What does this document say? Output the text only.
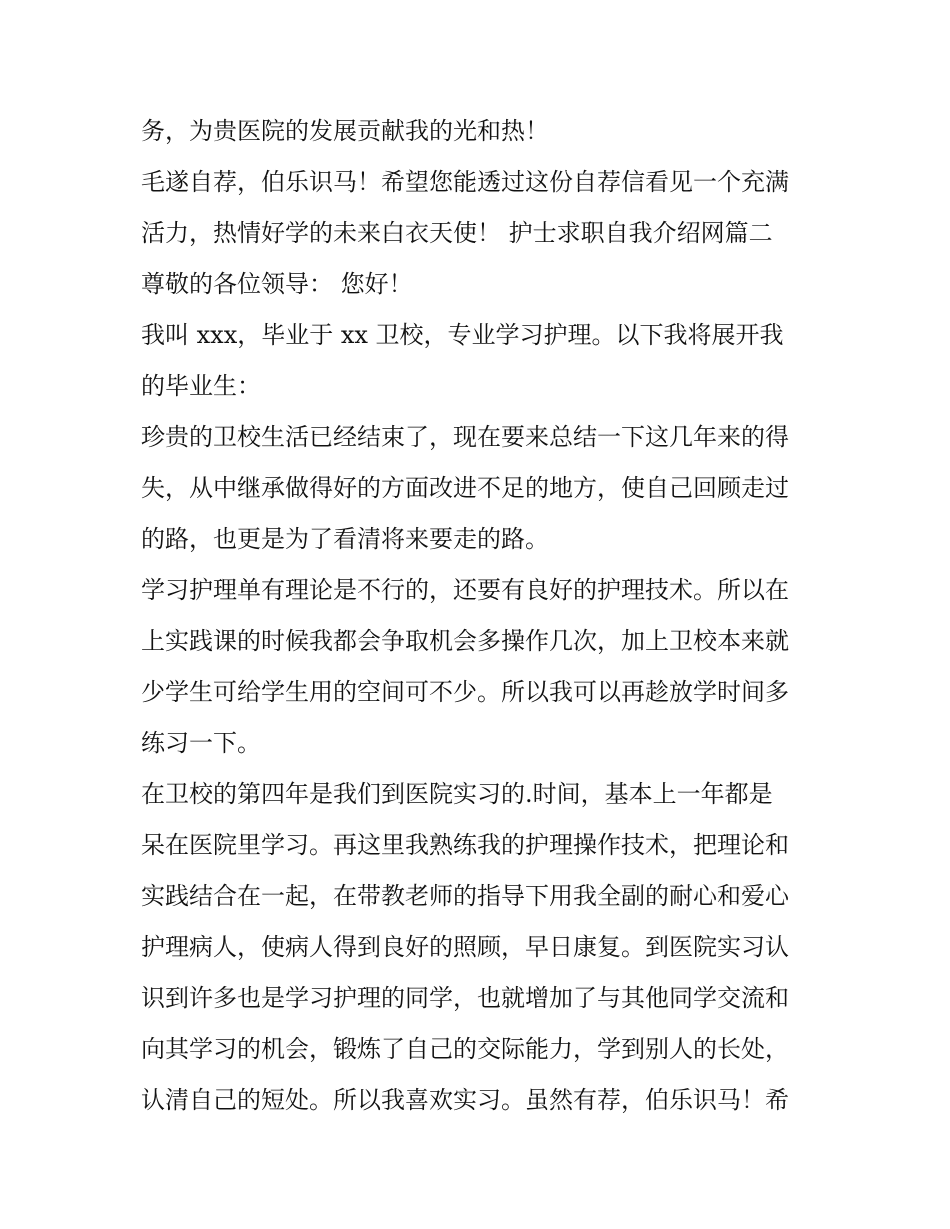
务，为贵医院的发展贡献我的光和热！
毛遂自荐，伯乐识马！希望您能透过这份自荐信看见一个充满
活力，热情好学的未来白衣天使！ 护士求职自我介绍网篇二
尊敬的各位领导： 您好！
我叫 xxx，毕业于 xx 卫校，专业学习护理。以下我将展开我
的毕业生：
珍贵的卫校生活已经结束了，现在要来总结一下这几年来的得
失，从中继承做得好的方面改进不足的地方，使自己回顾走过
的路，也更是为了看清将来要走的路。
学习护理单有理论是不行的，还要有良好的护理技术。所以在
上实践课的时候我都会争取机会多操作几次，加上卫校本来就
少学生可给学生用的空间可不少。所以我可以再趁放学时间多
练习一下。
在卫校的第四年是我们到医院实习的.时间，基本上一年都是
呆在医院里学习。再这里我熟练我的护理操作技术，把理论和
实践结合在一起，在带教老师的指导下用我全副的耐心和爱心
护理病人，使病人得到良好的照顾，早日康复。到医院实习认
识到许多也是学习护理的同学，也就增加了与其他同学交流和
向其学习的机会，锻炼了自己的交际能力，学到别人的长处，
认清自己的短处。所以我喜欢实习。虽然有荐，伯乐识马！希
